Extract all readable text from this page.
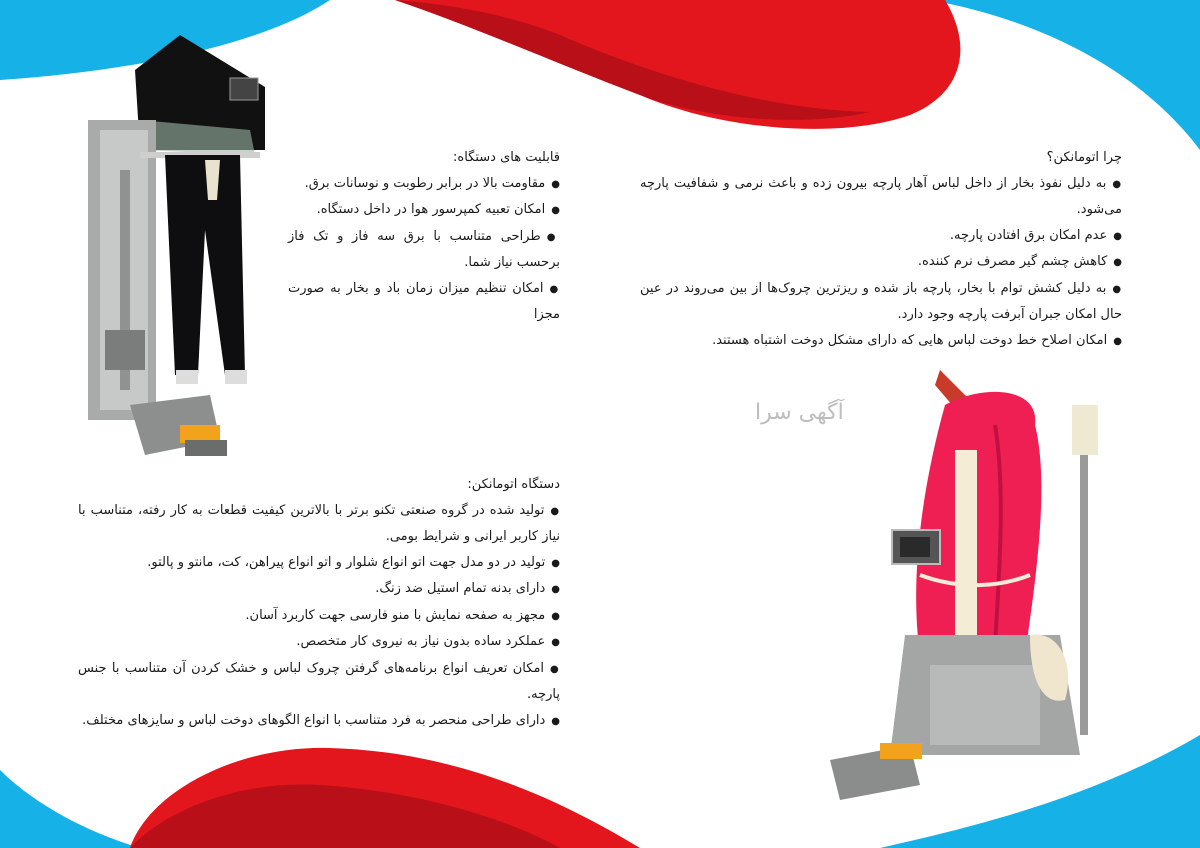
قابلیت های دستگاه:
● مقاومت بالا در برابر رطوبت و نوسانات برق.
● امکان تعبیه کمپرسور هوا در داخل دستگاه.
● طراحی متناسب با برق سه فاز و تک فاز برحسب نیاز شما.
● امکان تنظیم میزان زمان باد و بخار به صورت مجزا
چرا اتومانکن؟
● به دلیل نفوذ بخار از داخل لباس آهار پارچه بیرون زده و باعث نرمی و شفافیت پارچه می‌شود.
● عدم امکان برق افتادن پارچه.
● کاهش چشم گیر مصرف نرم کننده.
● به دلیل کشش توام با بخار، پارچه باز شده و ریزترین چروک‌ها از بین می‌روند در عین حال امکان جبران آبرفت پارچه وجود دارد.
● امکان اصلاح خط دوخت لباس هایی که دارای مشکل دوخت اشتباه هستند.
آگهی سرا
دستگاه اتومانکن:
● تولید شده در گروه صنعتی تکنو برتر با بالاترین کیفیت قطعات به کار رفته، متناسب با نیاز کاربر ایرانی و شرایط بومی.
● تولید در دو مدل جهت اتو انواع شلوار و اتو انواع پیراهن، کت، مانتو و پالتو.
● دارای بدنه تمام استیل ضد زنگ.
● مجهز به صفحه نمایش با منو فارسی جهت کاربرد آسان.
● عملکرد ساده بدون نیاز به نیروی کار متخصص.
● امکان تعریف انواع برنامه‌های گرفتن چروک لباس و خشک کردن آن متناسب با جنس پارچه.
● دارای طراحی منحصر به فرد متناسب با انواع الگوهای دوخت لباس و سایزهای مختلف.
